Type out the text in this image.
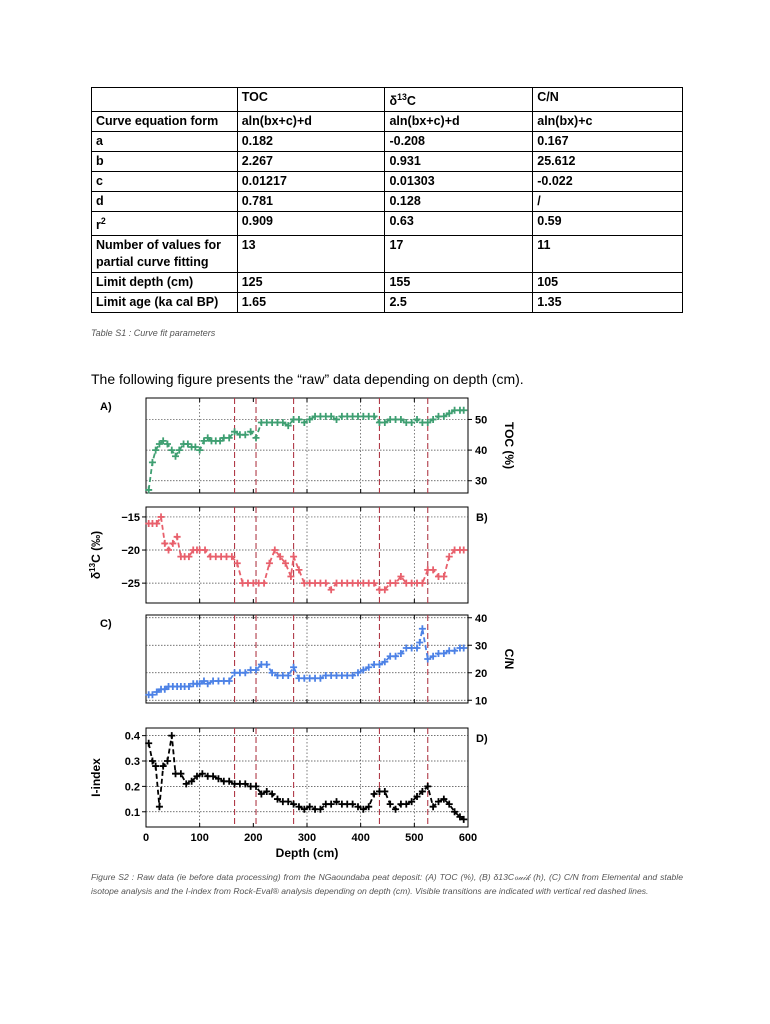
	TOC	$\delta^{13}C$	C/N
Curve equation form	aln(bx+c)+d	aln(bx+c)+d	aln(bx)+c
a	0.182	-0.208	0.167
b	2.267	0.931	25.612
c	0.01217	0.01303	-0.022
d	0.781	0.128	/
$r^2$	0.909	0.63	0.59
Number of values for partial curve fitting	13	17	11
Limit depth (cm)	125	155	105
Limit age (ka cal BP)	1.65	2.5	1.35
Table S1 : Curve fit parameters
The following figure presents the “raw” data depending on depth (cm).
30
40
50
A)
TOC (%)
−15
−20
−25
B)
$\delta^{13}C$ (‰)
10
20
30
40
C)
C/N
0.1
0.2
0.3
0.4	D)
I-index
0	100	200	300	400	500	600
Depth (cm)
Figure S2 : Raw data (ie before data processing) from the NGaoundaba peat deposit: (A) TOC (%), (B) δ13Cℴ𝓊𝒾𝓀 (h), (C) C/N from Elemental and stable isotope analysis and the I-index from Rock-Eval® analysis depending on depth (cm). Visible transitions are indicated with vertical red dashed lines.
